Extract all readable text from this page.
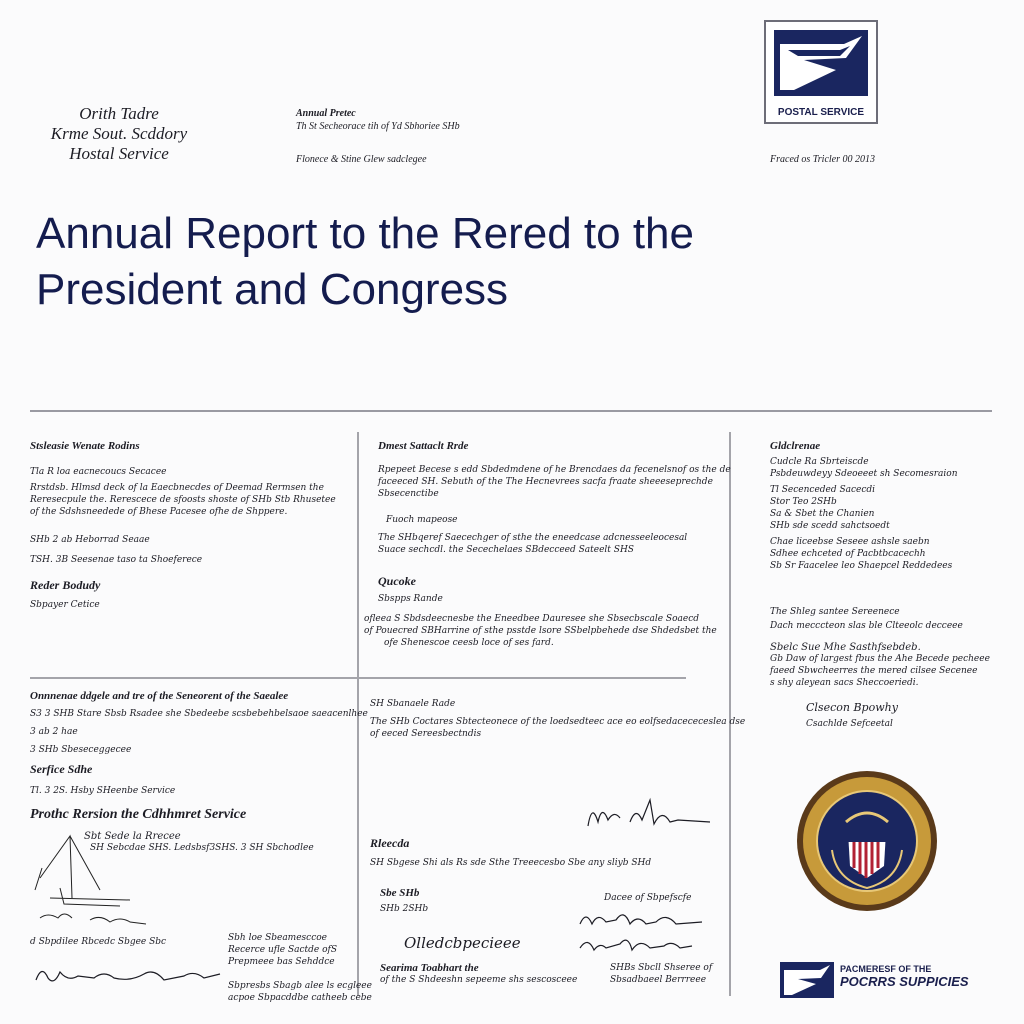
Orith Tadre
Krme Sout. Scddory
Hostal Service
Annual Pretec
Th St Secheorace tih of Yd Sbhoriee SHb
Flonece & Stine Glew sadclegee	Fraced os Tricler 00 2013
POSTAL SERVICE
Annual Report to the Rered to the
President and Congress
Stsleasie Wenate Rodins
Tla R loa eacnecoucs Secacee
Rrstdsb. Hlmsd deck of la Eaecbnecdes of Deemad Rermsen the
Reresecpule the. Rerescece de sfoosts shoste of SHb Stb Rhusetee
of the Sdshsneedede of Bhese Pacesee ofhe de Shppere.
SHb 2 ab Heborrad Seaae
TSH. 3B Seesenae taso ta Shoeferece
Reder Bodudy
Sbpayer Cetice
Dmest Sattaclt Rrde
Rpepeet Becese s edd Sbdedmdene of he Brencdaes da fecenelsnof os the de
faceeced SH. Sebuth of the The Hecnevrees sacfa fraate sheeeseprechde
Sbsecenctibe
Fuoch mapeose
The SHbqeref Saecechger of sthe the eneedcase adcnesseeleocesal
Suace sechcdl. the Secechelaes SBdecceed Sateelt SHS
Qucoke
Sbspps Rande
ofleea S Sbdsdeecnesbe the Eneedbee Dauresee she Sbsecbscale Soaecd
of Pouecred SBHarrine of sthe psstde lsore SSbelpbehede dse Shdedsbet the
ofe Shenescoe ceesb loce of ses fard.
Gldclrenae
Cudcle Ra Sbrteiscde
Psbdeuwdeyy Sdeoeeet sh Secomesraion
Tl Secenceded Sacecdi
Stor Teo 2SHb
Sa & Sbet the Chanien
SHb sde scedd sahctsoedt
Chae liceebse Seseee ashsle saebn
Sdhee echceted of Pacbtbcacechh
Sb Sr Faacelee leo Shaepcel Reddedees
The Shleg santee Sereenece
Dach mecccteon slas ble Clteeolc decceee
Sbelc Sue Mhe Sasthfsebdeb.
Gb Daw of largest fbus the Ahe Becede pecheee
faeed Sbwcheerres the mered cilsee Secenee
s shy aleyean sacs Sheccoeriedi.
Clsecon Bpowhy
Csachlde Sefceetal
Onnnenae ddgele and tre of the Seneorent of the Saealee
S3 3 SHB Stare Sbsb Rsadee she Sbedeebe scsbebehbelsaoe saeacenlhee
3 ab 2 hae
3 SHb Sbeseceggecee
Serfice Sdhe
Tl. 3 2S. Hsby SHeenbe Service
Prothc Rersion the Cdhhmret Service
Sbt Sede la Rrecee
SH Sebcdae SHS. Ledsbsf3SHS. 3 SH Sbchodlee
d Sbpdilee Rbcedc Sbgee Sbc	Sbh loe Sbeamesccoe
Recerce ufle Sactde ofS
Prepmeee bas Sehddce
Sbpresbs Sbagb alee ls ecgleee
acpoe Sbpacddbe catheeb cebe
SH Sbanaele Rade
The SHb Coctares Sbtecteonece of the loedsedteec ace eo eolfsedacececeslea dse
of eeced Sereesbectndis
Rleecda
SH Sbgese Shi als Rs sde Sthe Treeecesbo Sbe any sliyb SHd
Sbe SHb
SHb 2SHb
Olledcbpecieee
Searima Toabhart the
of the S Shdeeshn sepeeme shs sescosceee
Dacee of Sbpefscfe
SHBs Sbcll Shseree of
Sbsadbaeel Berrreee
PACMERESF OF THE
POCRRS SUPPICIES
